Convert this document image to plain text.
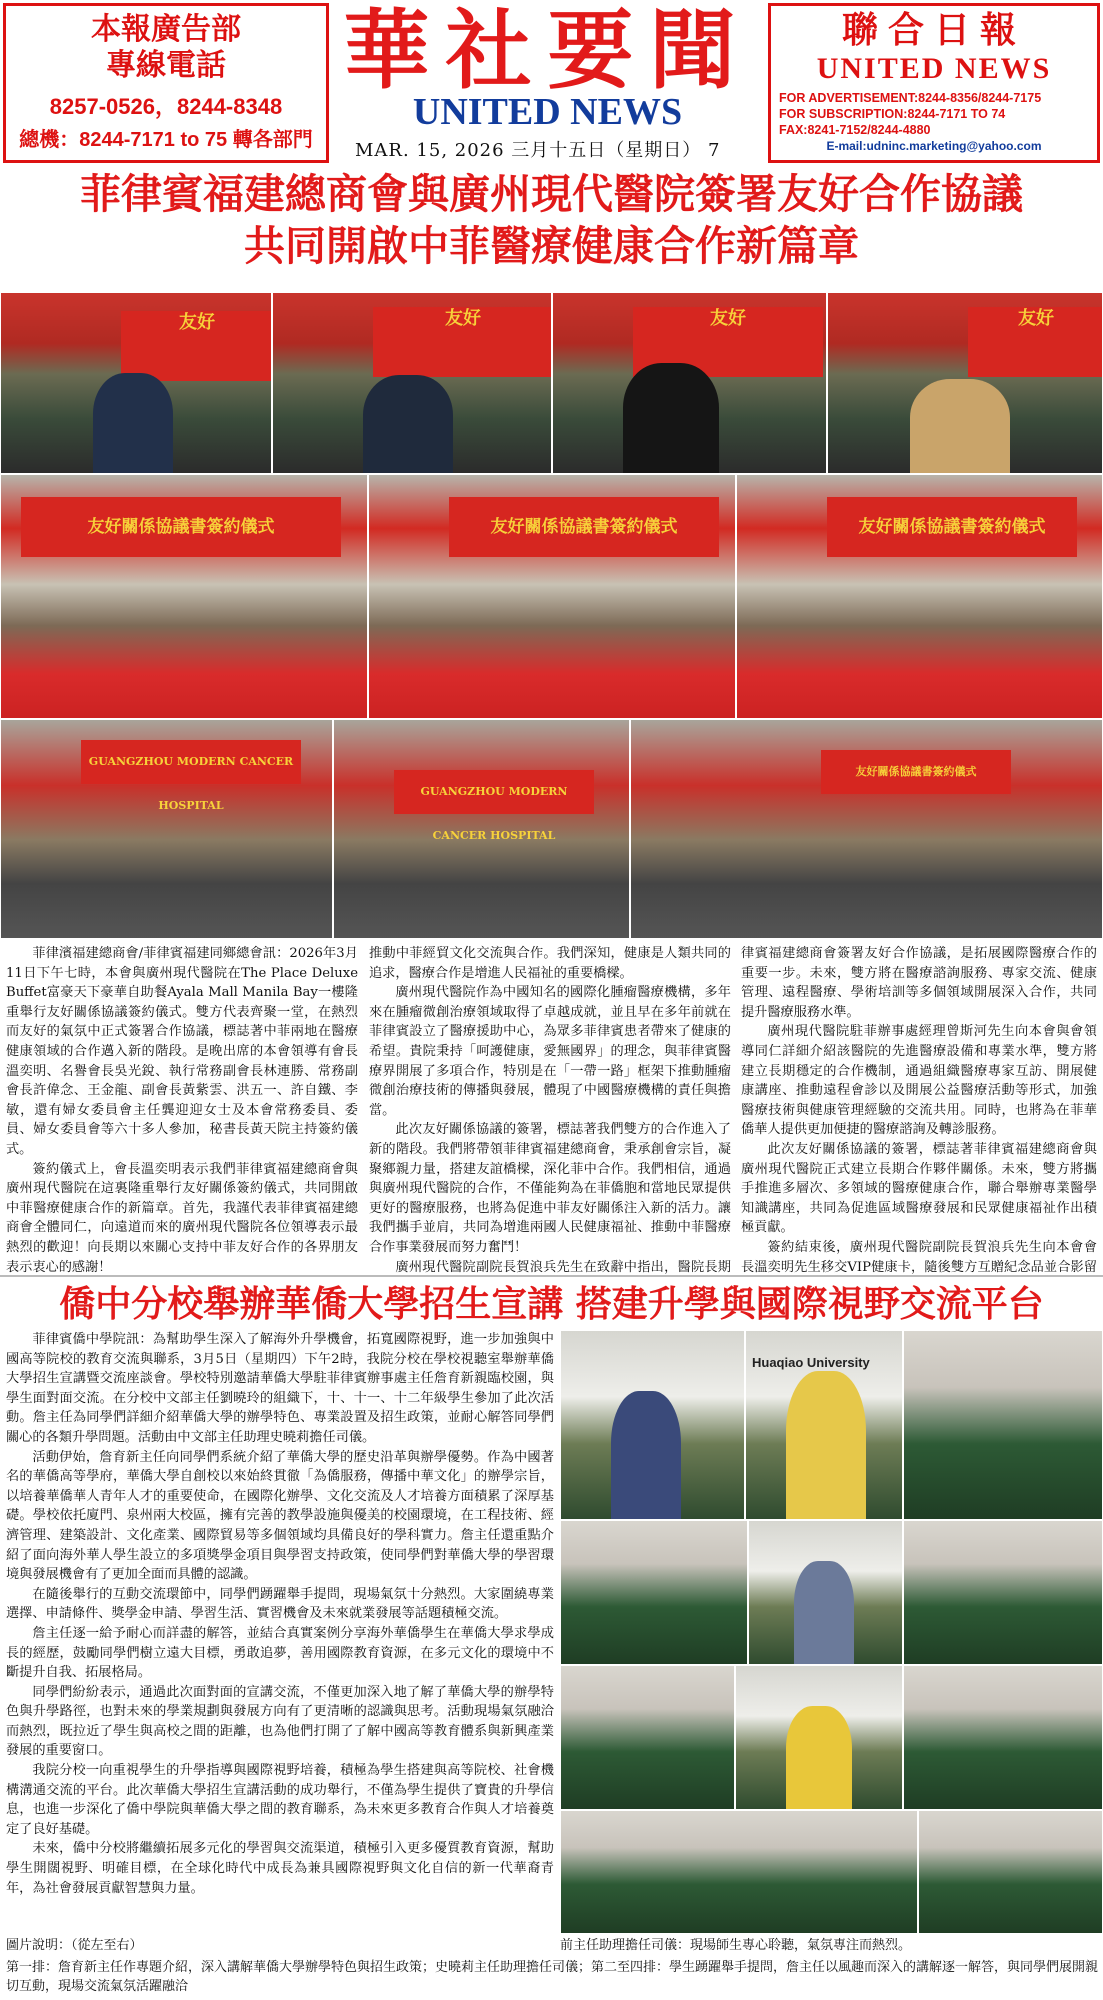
本報廣告部
專線電話
8257-0526，8244-8348
總機：8244-7171 to 75 轉各部門
華社要聞
UNITED NEWS
MAR. 15, 2026 三月十五日（星期日） 7
聯合日報
UNITED NEWS
FOR ADVERTISEMENT:8244-8356/8244-7175
FOR SUBSCRIPTION:8244-7171 TO 74
FAX:8241-7152/8244-4880
E-mail:udninc.marketing@yahoo.com
菲律賓福建總商會與廣州現代醫院簽署友好合作協議
共同開啟中菲醫療健康合作新篇章
友好	友好	友好	友好
友好關係協議書簽約儀式	友好關係協議書簽約儀式	友好關係協議書簽約儀式
GUANGZHOU MODERN CANCER HOSPITAL
GUANGZHOU MODERN CANCER HOSPITAL
友好關係協議書簽約儀式

菲律濱福建總商會/菲律賓福建同鄉總會訊：2026年3月11日下午七時，本會與廣州現代醫院在The Place Deluxe Buffet富豪天下豪華自助餐Ayala Mall Manila Bay一樓隆重舉行友好關係協議簽約儀式。雙方代表齊聚一堂，在熱烈而友好的氣氛中正式簽署合作協議，標誌著中菲兩地在醫療健康領域的合作邁入新的階段。是晚出席的本會領導有會長溫奕明、名譽會長吳光銳、執行常務副會長林連勝、常務副會長許偉念、王金龍、副會長黃紫雲、洪五一、許自鐵、李敏，還有婦女委員會主任龔迎迎女士及本會常務委員、委員、婦女委員會等六十多人參加，秘書長黃天院主持簽約儀式。

簽約儀式上，會長溫奕明表示我們菲律賓福建總商會與廣州現代醫院在這裏隆重舉行友好關係簽約儀式，共同開啟中菲醫療健康合作的新篇章。首先，我謹代表菲律賓福建總商會全體同仁，向遠道而來的廣州現代醫院各位領導表示最熱烈的歡迎！向長期以來關心支持中菲友好合作的各界朋友表示衷心的感謝！

推動中菲經貿文化交流與合作。我們深知，健康是人類共同的追求，醫療合作是增進人民福祉的重要橋樑。

廣州現代醫院作為中國知名的國際化腫瘤醫療機構，多年來在腫瘤微創治療領域取得了卓越成就，並且早在多年前就在菲律賓設立了醫療援助中心，為眾多菲律賓患者帶來了健康的希望。貴院秉持「呵護健康，愛無國界」的理念，與菲律賓醫療界開展了多項合作，特別是在「一帶一路」框架下推動腫瘤微創治療技術的傳播與發展，體現了中國醫療機構的責任與擔當。

此次友好關係協議的簽署，標誌著我們雙方的合作進入了新的階段。我們將帶領菲律賓福建總商會，秉承創會宗旨，凝聚鄉親力量，搭建友誼橋樑，深化菲中合作。我們相信，通過與廣州現代醫院的合作，不僅能夠為在菲僑胞和當地民眾提供更好的醫療服務，也將為促進中菲友好關係注入新的活力。讓我們攜手並肩，共同為增進兩國人民健康福祉、推動中菲醫療合作事業發展而努力奮鬥！

廣州現代醫院副院長賀浪兵先生在致辭中指出，醫院長期

律賓福建總商會簽署友好合作協議，是拓展國際醫療合作的重要一步。未來，雙方將在醫療諮詢服務、專家交流、健康管理、遠程醫療、學術培訓等多個領域開展深入合作，共同提升醫療服務水準。

廣州現代醫院駐菲辦事處經理曾斯河先生向本會與會領導同仁詳細介紹該醫院的先進醫療設備和專業水準，雙方將建立長期穩定的合作機制，通過組織醫療專家互訪、開展健康講座、推動遠程會診以及開展公益醫療活動等形式，加強醫療技術與健康管理經驗的交流共用。同時，也將為在菲華僑華人提供更加便捷的醫療諮詢及轉診服務。

此次友好關係協議的簽署，標誌著菲律賓福建總商會與廣州現代醫院正式建立長期合作夥伴關係。未來，雙方將攜手推進多層次、多領域的醫療健康合作，聯合舉辦專業醫學知識講座，共同為促進區域醫療發展和民眾健康福祉作出積極貢獻。

簽約結束後，廣州現代醫院副院長賀浪兵先生向本會會長溫奕明先生移交VIP健康卡，隨後雙方互贈紀念品並合影留

僑中分校舉辦華僑大學招生宣講 搭建升學與國際視野交流平台

菲律賓僑中學院訊：為幫助學生深入了解海外升學機會，拓寬國際視野，進一步加強與中國高等院校的教育交流與聯系，3月5日（星期四）下午2時，我院分校在學校視聽室舉辦華僑大學招生宣講暨交流座談會。學校特別邀請華僑大學駐菲律賓辦事處主任詹育新親臨校園，與學生面對面交流。在分校中文部主任劉曉玲的組織下，十、十一、十二年級學生參加了此次活動。詹主任為同學們詳細介紹華僑大學的辦學特色、專業設置及招生政策，並耐心解答同學們關心的各類升學問題。活動由中文部主任助理史曉莉擔任司儀。

活動伊始，詹育新主任向同學們系統介紹了華僑大學的歷史沿革與辦學優勢。作為中國著名的華僑高等學府，華僑大學自創校以來始終貫徹「為僑服務，傳播中華文化」的辦學宗旨，以培養華僑華人青年人才的重要使命，在國際化辦學、文化交流及人才培養方面積累了深厚基礎。學校依托廈門、泉州兩大校區，擁有完善的教學設施與優美的校園環境，在工程技術、經濟管理、建築設計、文化產業、國際貿易等多個領域均具備良好的學科實力。詹主任還重點介紹了面向海外華人學生設立的多項獎學金項目與學習支持政策，使同學們對華僑大學的學習環境與發展機會有了更加全面而具體的認識。

在隨後舉行的互動交流環節中，同學們踴躍舉手提問，現場氣氛十分熱烈。大家圍繞專業選擇、申請條件、獎學金申請、學習生活、實習機會及未來就業發展等話題積極交流。

詹主任逐一給予耐心而詳盡的解答，並結合真實案例分享海外華僑學生在華僑大學求學成長的經歷，鼓勵同學們樹立遠大目標，勇敢追夢，善用國際教育資源，在多元文化的環境中不斷提升自我、拓展格局。

同學們紛紛表示，通過此次面對面的宣講交流，不僅更加深入地了解了華僑大學的辦學特色與升學路徑，也對未來的學業規劃與發展方向有了更清晰的認識與思考。活動現場氣氛融洽而熱烈，既拉近了學生與高校之間的距離，也為他們打開了了解中國高等教育體系與新興產業發展的重要窗口。

我院分校一向重視學生的升學指導與國際視野培養，積極為學生搭建與高等院校、社會機構溝通交流的平台。此次華僑大學招生宣講活動的成功舉行，不僅為學生提供了寶貴的升學信息，也進一步深化了僑中學院與華僑大學之間的教育聯系，為未來更多教育合作與人才培養奠定了良好基礎。

未來，僑中分校將繼續拓展多元化的學習與交流渠道，積極引入更多優質教育資源，幫助學生開闊視野、明確目標，在全球化時代中成長為兼具國際視野與文化自信的新一代華裔青年，為社會發展貢獻智慧與力量。

Huaqiao University
前主任助理擔任司儀：現場師生專心聆聽，氣氛專注而熱烈。
圖片說明：（從左至右）
第一排：詹育新主任作專題介紹，深入講解華僑大學辦學特色與招生政策；史曉莉主任助理擔任司儀；第二至四排：學生踴躍舉手提問，詹主任以風趣而深入的講解逐一解答，與同學們展開親切互動，現場交流氣氛活躍融洽
